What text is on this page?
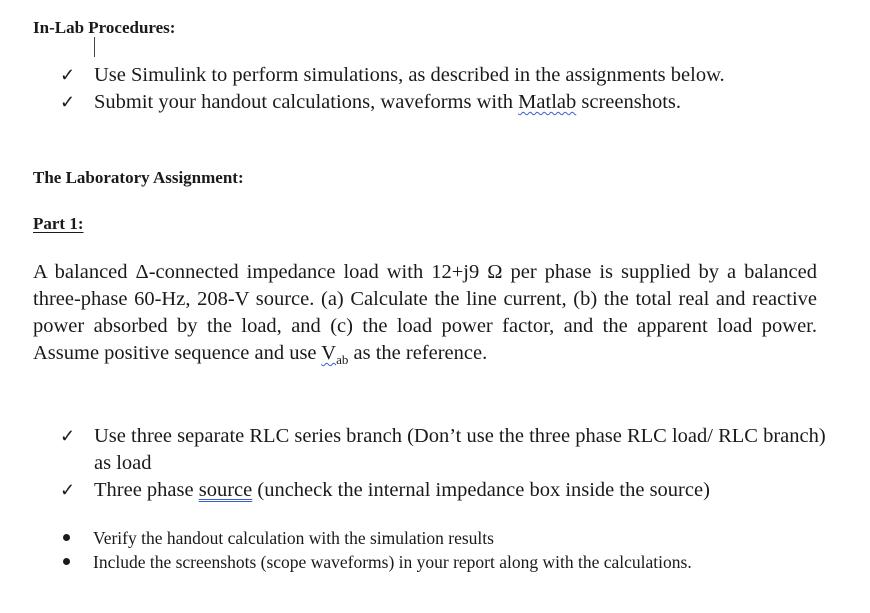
In-Lab Procedures:
✓ Use Simulink to perform simulations, as described in the assignments below.
✓ Submit your handout calculations, waveforms with Matlab screenshots.
The Laboratory Assignment:
Part 1:

A balanced Δ-connected impedance load with 12+j9 Ω per phase is supplied by a balanced three-phase 60-Hz, 208-V source. (a) Calculate the line current, (b) the total real and reactive power absorbed by the load, and (c) the load power factor, and the apparent load power. Assume positive sequence and use $V_{ab}$ as the reference.

✓ Use three separate RLC series branch (Don’t use the three phase RLC load/ RLC branch) as load
✓ Three phase source (uncheck the internal impedance box inside the source)
Verify the handout calculation with the simulation results
Include the screenshots (scope waveforms) in your report along with the calculations.
